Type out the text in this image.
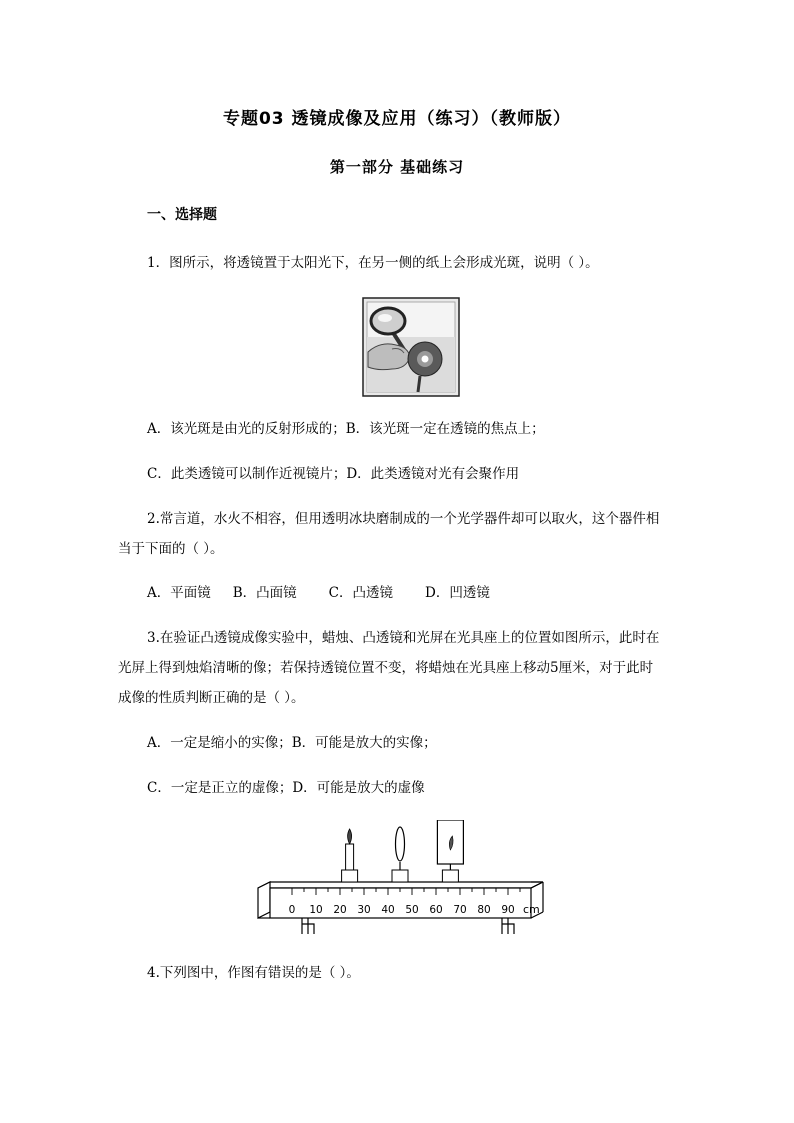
专题03 透镜成像及应用（练习）（教师版）
第一部分 基础练习
一、选择题
1．图所示，将透镜置于太阳光下，在另一侧的纸上会形成光斑，说明（ ）。
A．该光斑是由光的反射形成的；B．该光斑一定在透镜的焦点上；
C．此类透镜可以制作近视镜片；D．此类透镜对光有会聚作用
2.常言道，水火不相容，但用透明冰块磨制成的一个光学器件却可以取火，这个器件相
当于下面的（ ）。
A．平面镜 B．凸面镜 C．凸透镜 D．凹透镜
3.在验证凸透镜成像实验中，蜡烛、凸透镜和光屏在光具座上的位置如图所示，此时在
光屏上得到烛焰清晰的像；若保持透镜位置不变，将蜡烛在光具座上移动5厘米，对于此时
成像的性质判断正确的是（ ）。
A．一定是缩小的实像；B．可能是放大的实像；
C．一定是正立的虚像；D．可能是放大的虚像
0 10 20 30 40 50 60 70 80 90 cm
4.下列图中，作图有错误的是（ ）。
